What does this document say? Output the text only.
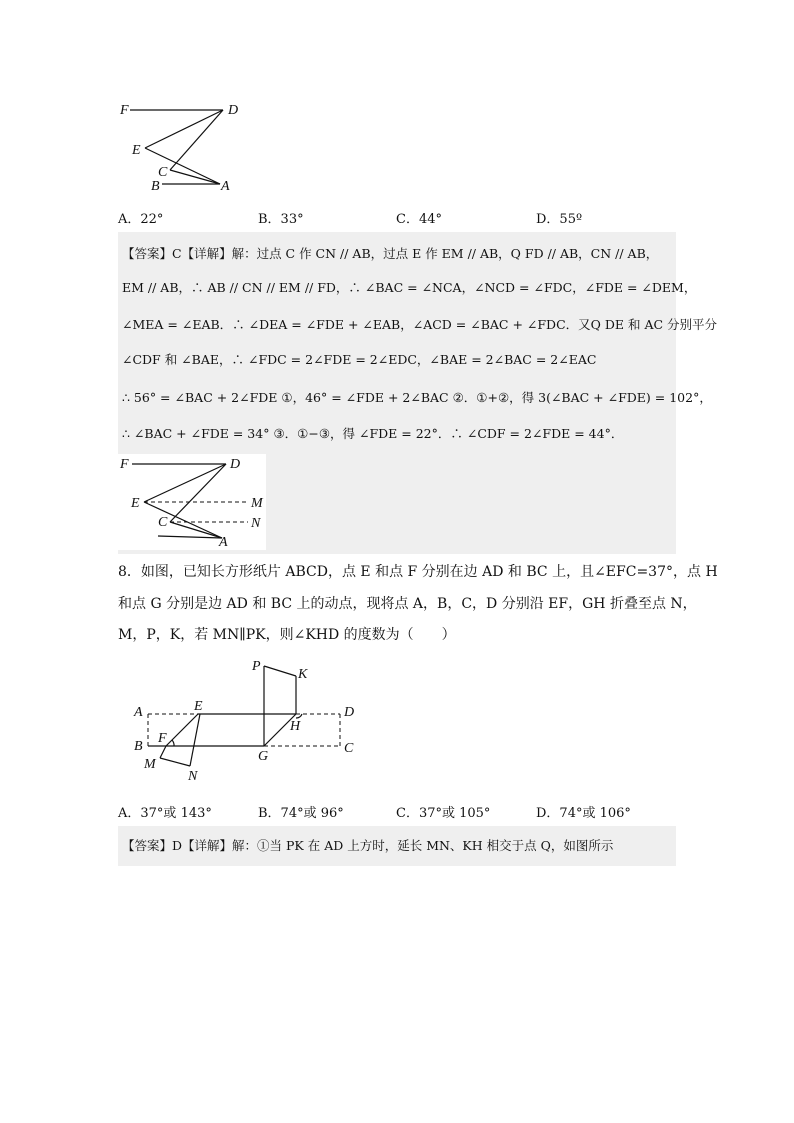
F	D
E
C
B	A
A．22°	B．33°	C．44°	D．55º
【答案】C【详解】解：过点 C 作 CN // AB，过点 E 作 EM // AB，Q FD // AB，CN // AB，
EM // AB，∴ AB // CN // EM // FD，∴ ∠BAC = ∠NCA，∠NCD = ∠FDC，∠FDE = ∠DEM，
∠MEA = ∠EAB．∴ ∠DEA = ∠FDE + ∠EAB，∠ACD = ∠BAC + ∠FDC．又Q DE 和 AC 分别平分
∠CDF 和 ∠BAE，∴ ∠FDC = 2∠FDE = 2∠EDC，∠BAE = 2∠BAC = 2∠EAC
∴ 56° = ∠BAC + 2∠FDE ①，46° = ∠FDE + 2∠BAC ②．①+②，得 3(∠BAC + ∠FDE) = 102°，
∴ ∠BAC + ∠FDE = 34° ③．①−③，得 ∠FDE = 22°．∴ ∠CDF = 2∠FDE = 44°．
F	D
E	M
C	N
A
8．如图，已知长方形纸片 ABCD，点 E 和点 F 分别在边 AD 和 BC 上，且∠EFC=37°，点 H
和点 G 分别是边 AD 和 BC 上的动点，现将点 A，B，C，D 分别沿 EF，GH 折叠至点 N，
M，P，K，若 MN∥PK，则∠KHD 的度数为（　　）
P
K
A	E	D
H
B
F
G
C
M
N
A．37°或 143°	B．74°或 96°	C．37°或 105°	D．74°或 106°
【答案】D【详解】解：①当 PK 在 AD 上方时，延长 MN、KH 相交于点 Q，如图所示
